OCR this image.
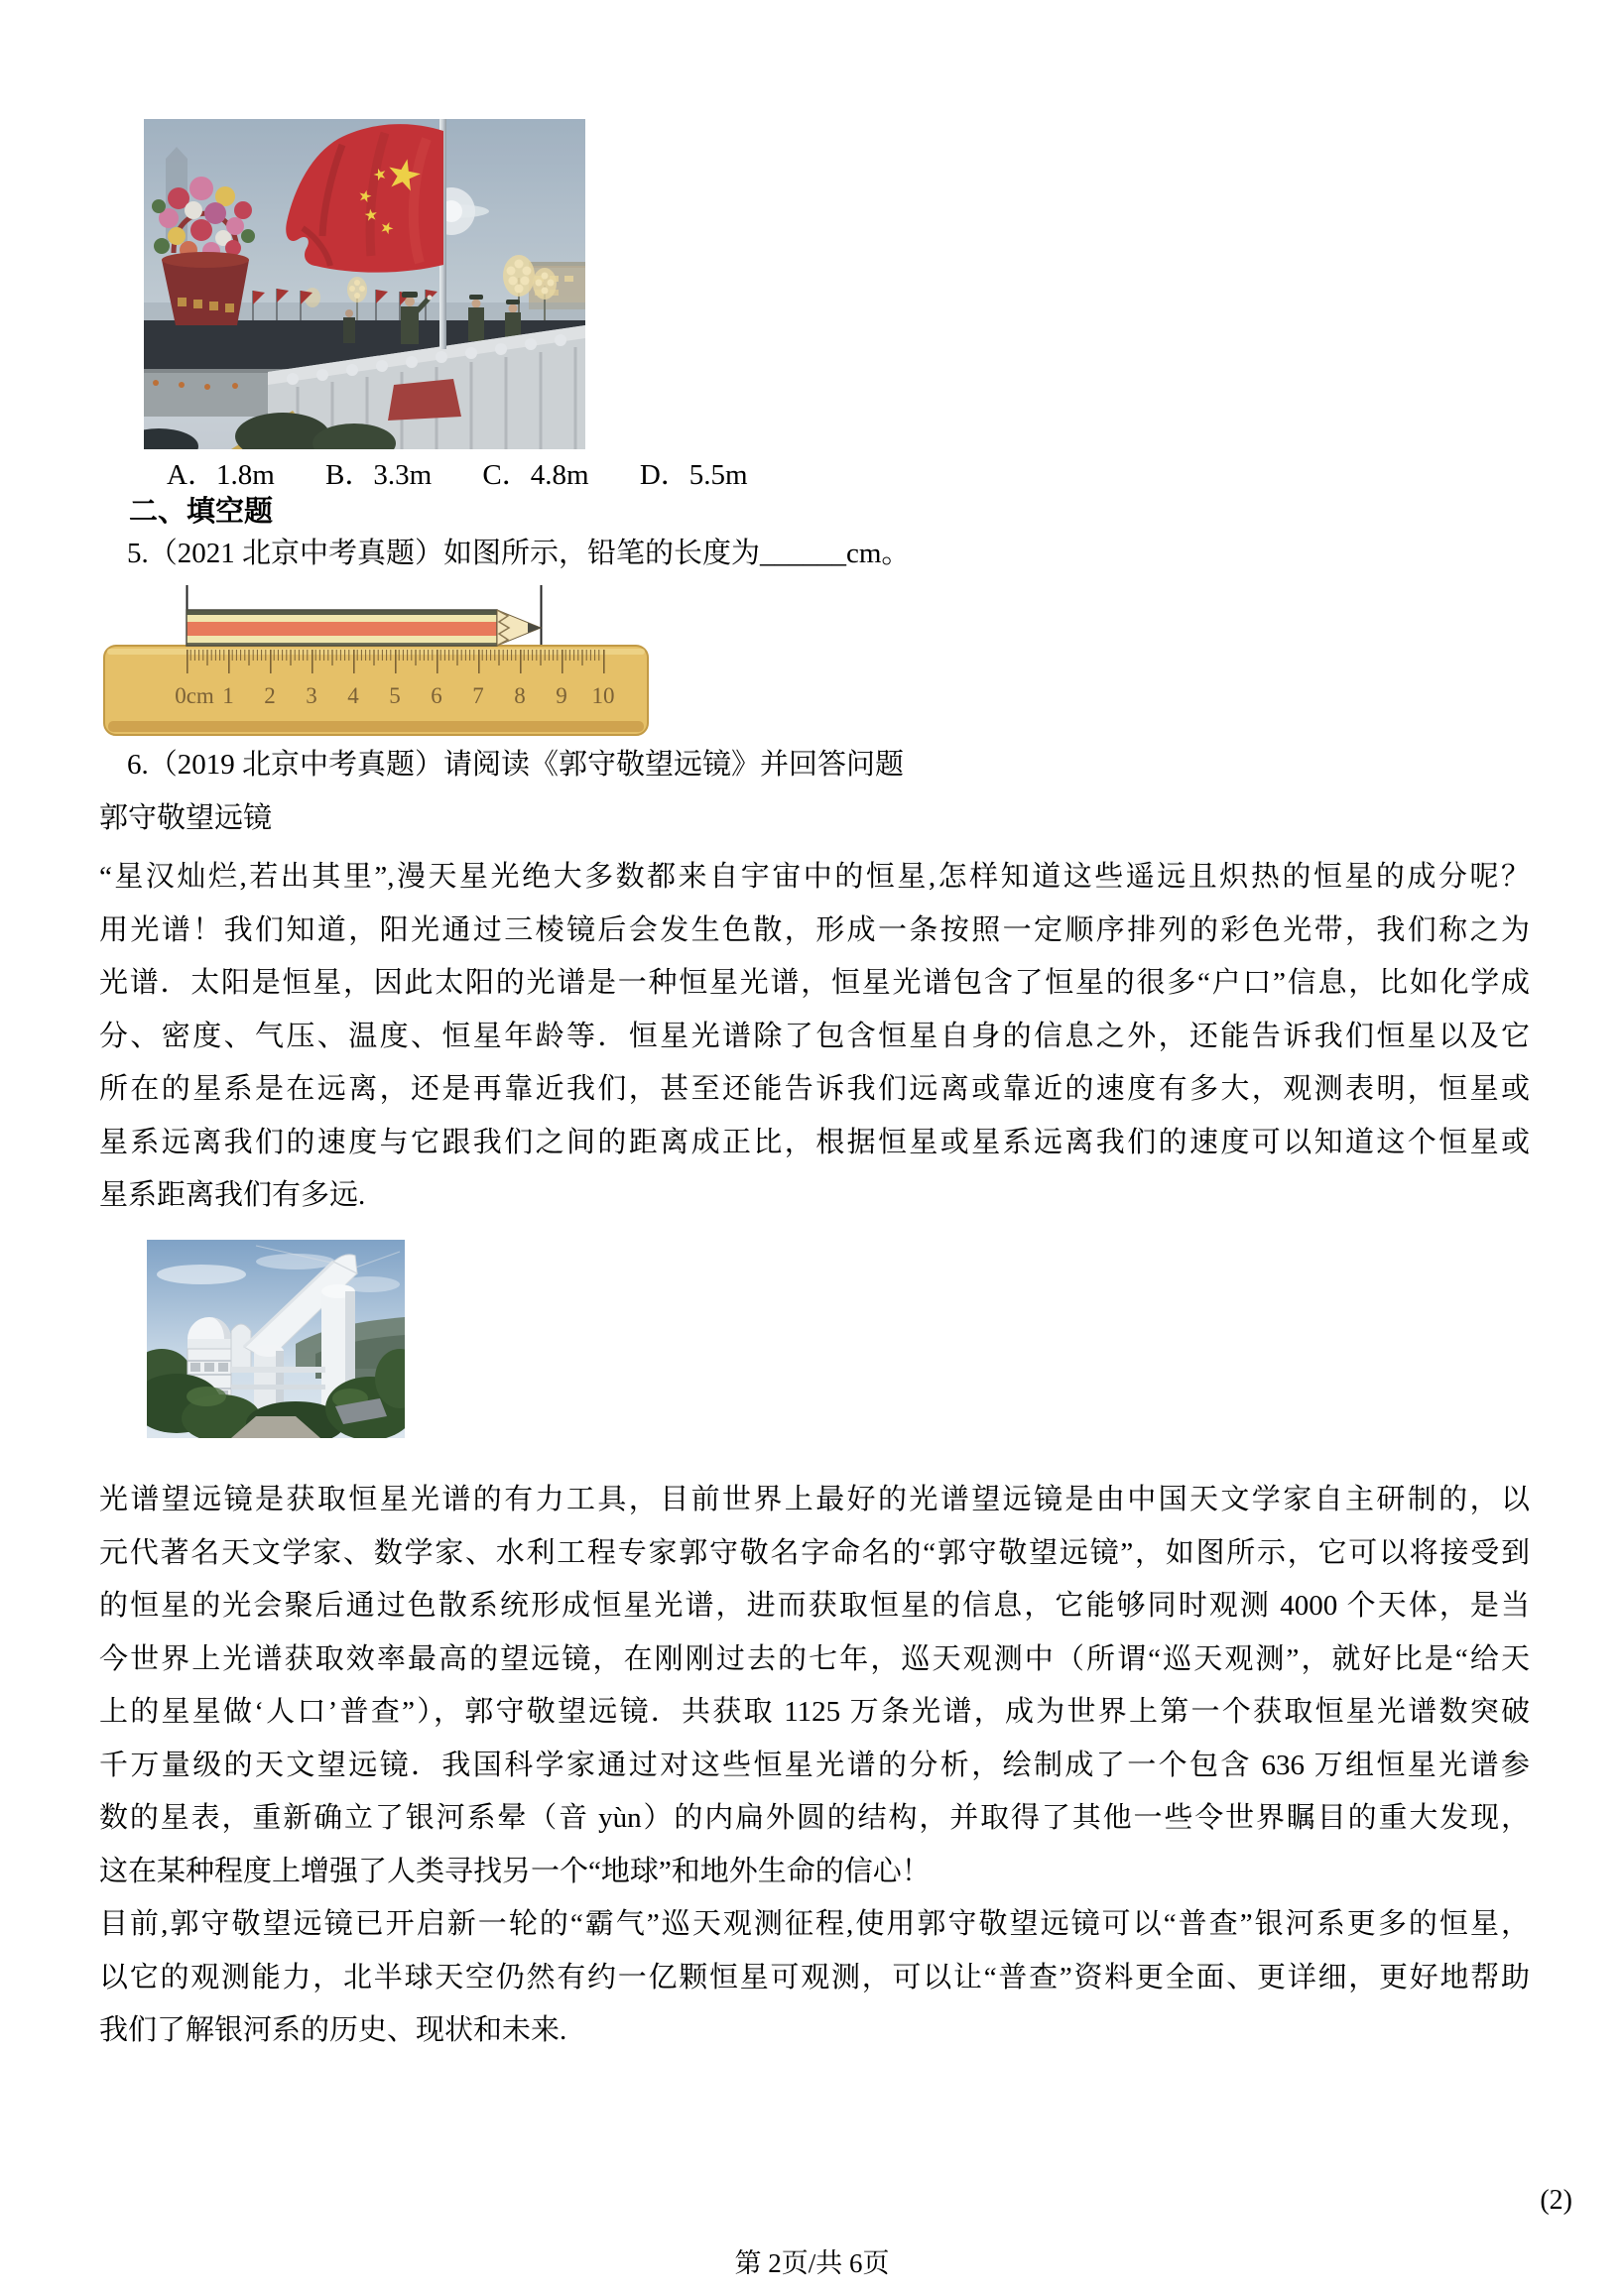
A．1.8m B．3.3m C．4.8m D．5.5m
二、填空题
5.（2021 北京中考真题）如图所示，铅笔的长度为______cm。
0cm 1 2 3 4 5 6 7 8 9 10
6.（2019 北京中考真题）请阅读《郭守敬望远镜》并回答问题
郭守敬望远镜
“星汉灿烂,若出其里”,漫天星光绝大多数都来自宇宙中的恒星,怎样知道这些遥远且炽热的恒星的成分呢？
用光谱！我们知道，阳光通过三棱镜后会发生色散，形成一条按照一定顺序排列的彩色光带，我们称之为
光谱．太阳是恒星，因此太阳的光谱是一种恒星光谱，恒星光谱包含了恒星的很多“户口”信息，比如化学成
分、密度、气压、温度、恒星年龄等．恒星光谱除了包含恒星自身的信息之外，还能告诉我们恒星以及它
所在的星系是在远离，还是再靠近我们，甚至还能告诉我们远离或靠近的速度有多大，观测表明，恒星或
星系远离我们的速度与它跟我们之间的距离成正比，根据恒星或星系远离我们的速度可以知道这个恒星或
星系距离我们有多远.
光谱望远镜是获取恒星光谱的有力工具，目前世界上最好的光谱望远镜是由中国天文学家自主研制的，以
元代著名天文学家、数学家、水利工程专家郭守敬名字命名的“郭守敬望远镜”，如图所示，它可以将接受到
的恒星的光会聚后通过色散系统形成恒星光谱，进而获取恒星的信息，它能够同时观测 4000 个天体，是当
今世界上光谱获取效率最高的望远镜，在刚刚过去的七年，巡天观测中（所谓“巡天观测”，就好比是“给天
上的星星做‘人口’普查”），郭守敬望远镜．共获取 1125 万条光谱，成为世界上第一个获取恒星光谱数突破
千万量级的天文望远镜．我国科学家通过对这些恒星光谱的分析，绘制成了一个包含 636 万组恒星光谱参
数的星表，重新确立了银河系晕（音 yùn）的内扁外圆的结构，并取得了其他一些令世界瞩目的重大发现，
这在某种程度上增强了人类寻找另一个“地球”和地外生命的信心！
目前,郭守敬望远镜已开启新一轮的“霸气”巡天观测征程,使用郭守敬望远镜可以“普查”银河系更多的恒星，
以它的观测能力，北半球天空仍然有约一亿颗恒星可观测，可以让“普查”资料更全面、更详细，更好地帮助
我们了解银河系的历史、现状和未来.
(2)
第 2页/共 6页
